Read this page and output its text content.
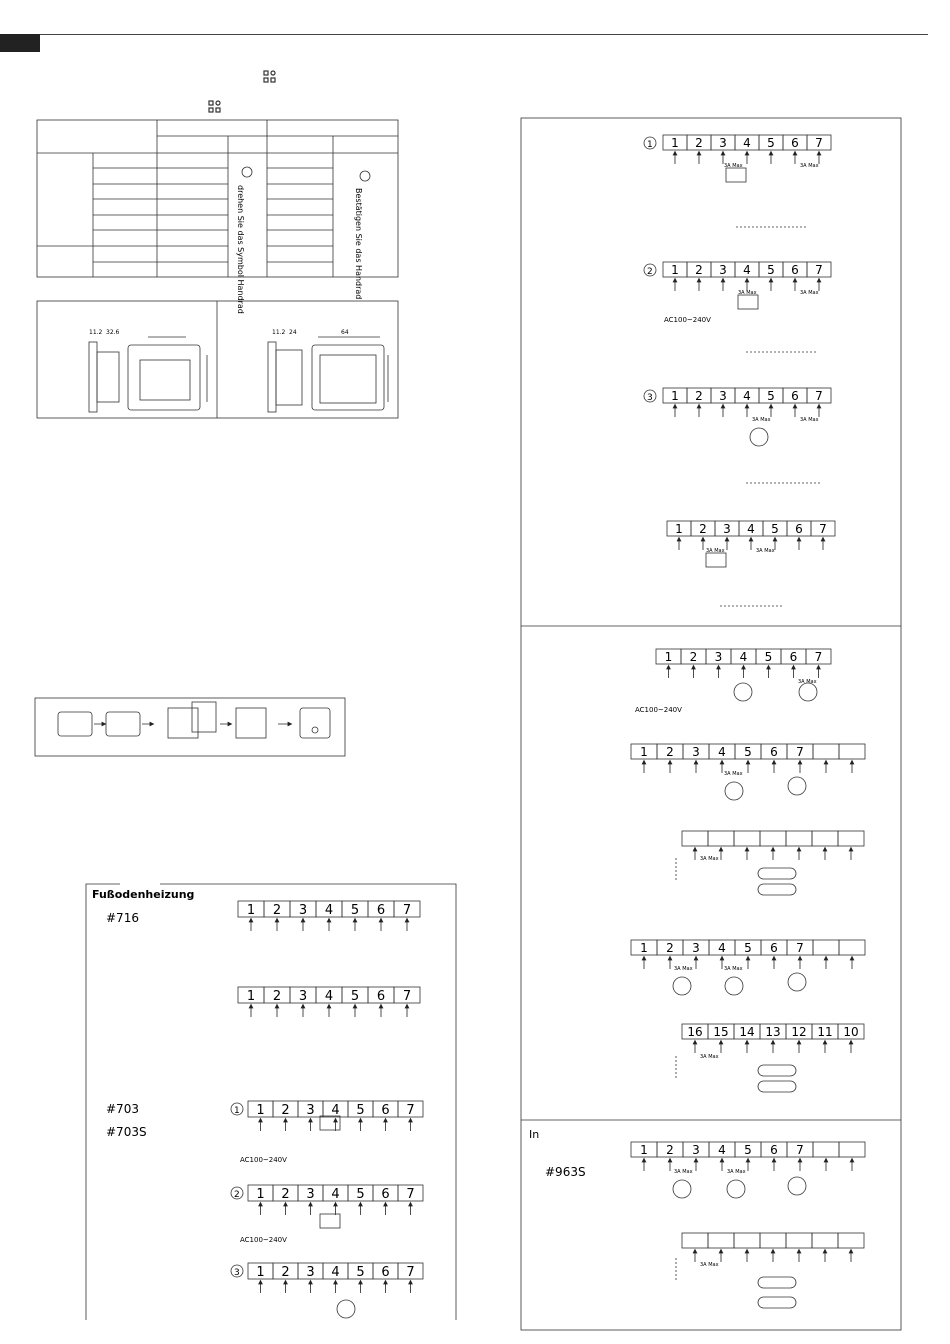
drehen Sie das Symbol Handrad	Bestätigen Sie das Handrad
11.2 32.6	11.2 24	64
Fußodenheizung
#716
#703
#703S	In
#963S
AC100~240V
AC100~240V
AC100~240V
AC100~240V
1
2
3
1
2
3
1 2 3 4 5 6 7
1 2 3 4 5 6 7
1 2 3 4 5 6 7
1 2 3 4 5 6 7
1 2 3 4 5 6 7
1 2 3 4 5 6 7
1 2 3 4 5 6 7
16 15 14 13 12 11 10
1 2 3 4 5 6 7
1 2 3 4 5 6 7
1 2 3 4 5 6 7
1 2 3 4 5 6 7
1 2 3 4 5 6 7
1 2 3 4 5 6 7
3A Max
3A Max
3A Max
3A Max	3A Max
3A Max
3A Max
3A Max
3A Max	3A Max
3A Max
3A Max	3A Max
3A Max
3A Max
3A Max
3A Max
